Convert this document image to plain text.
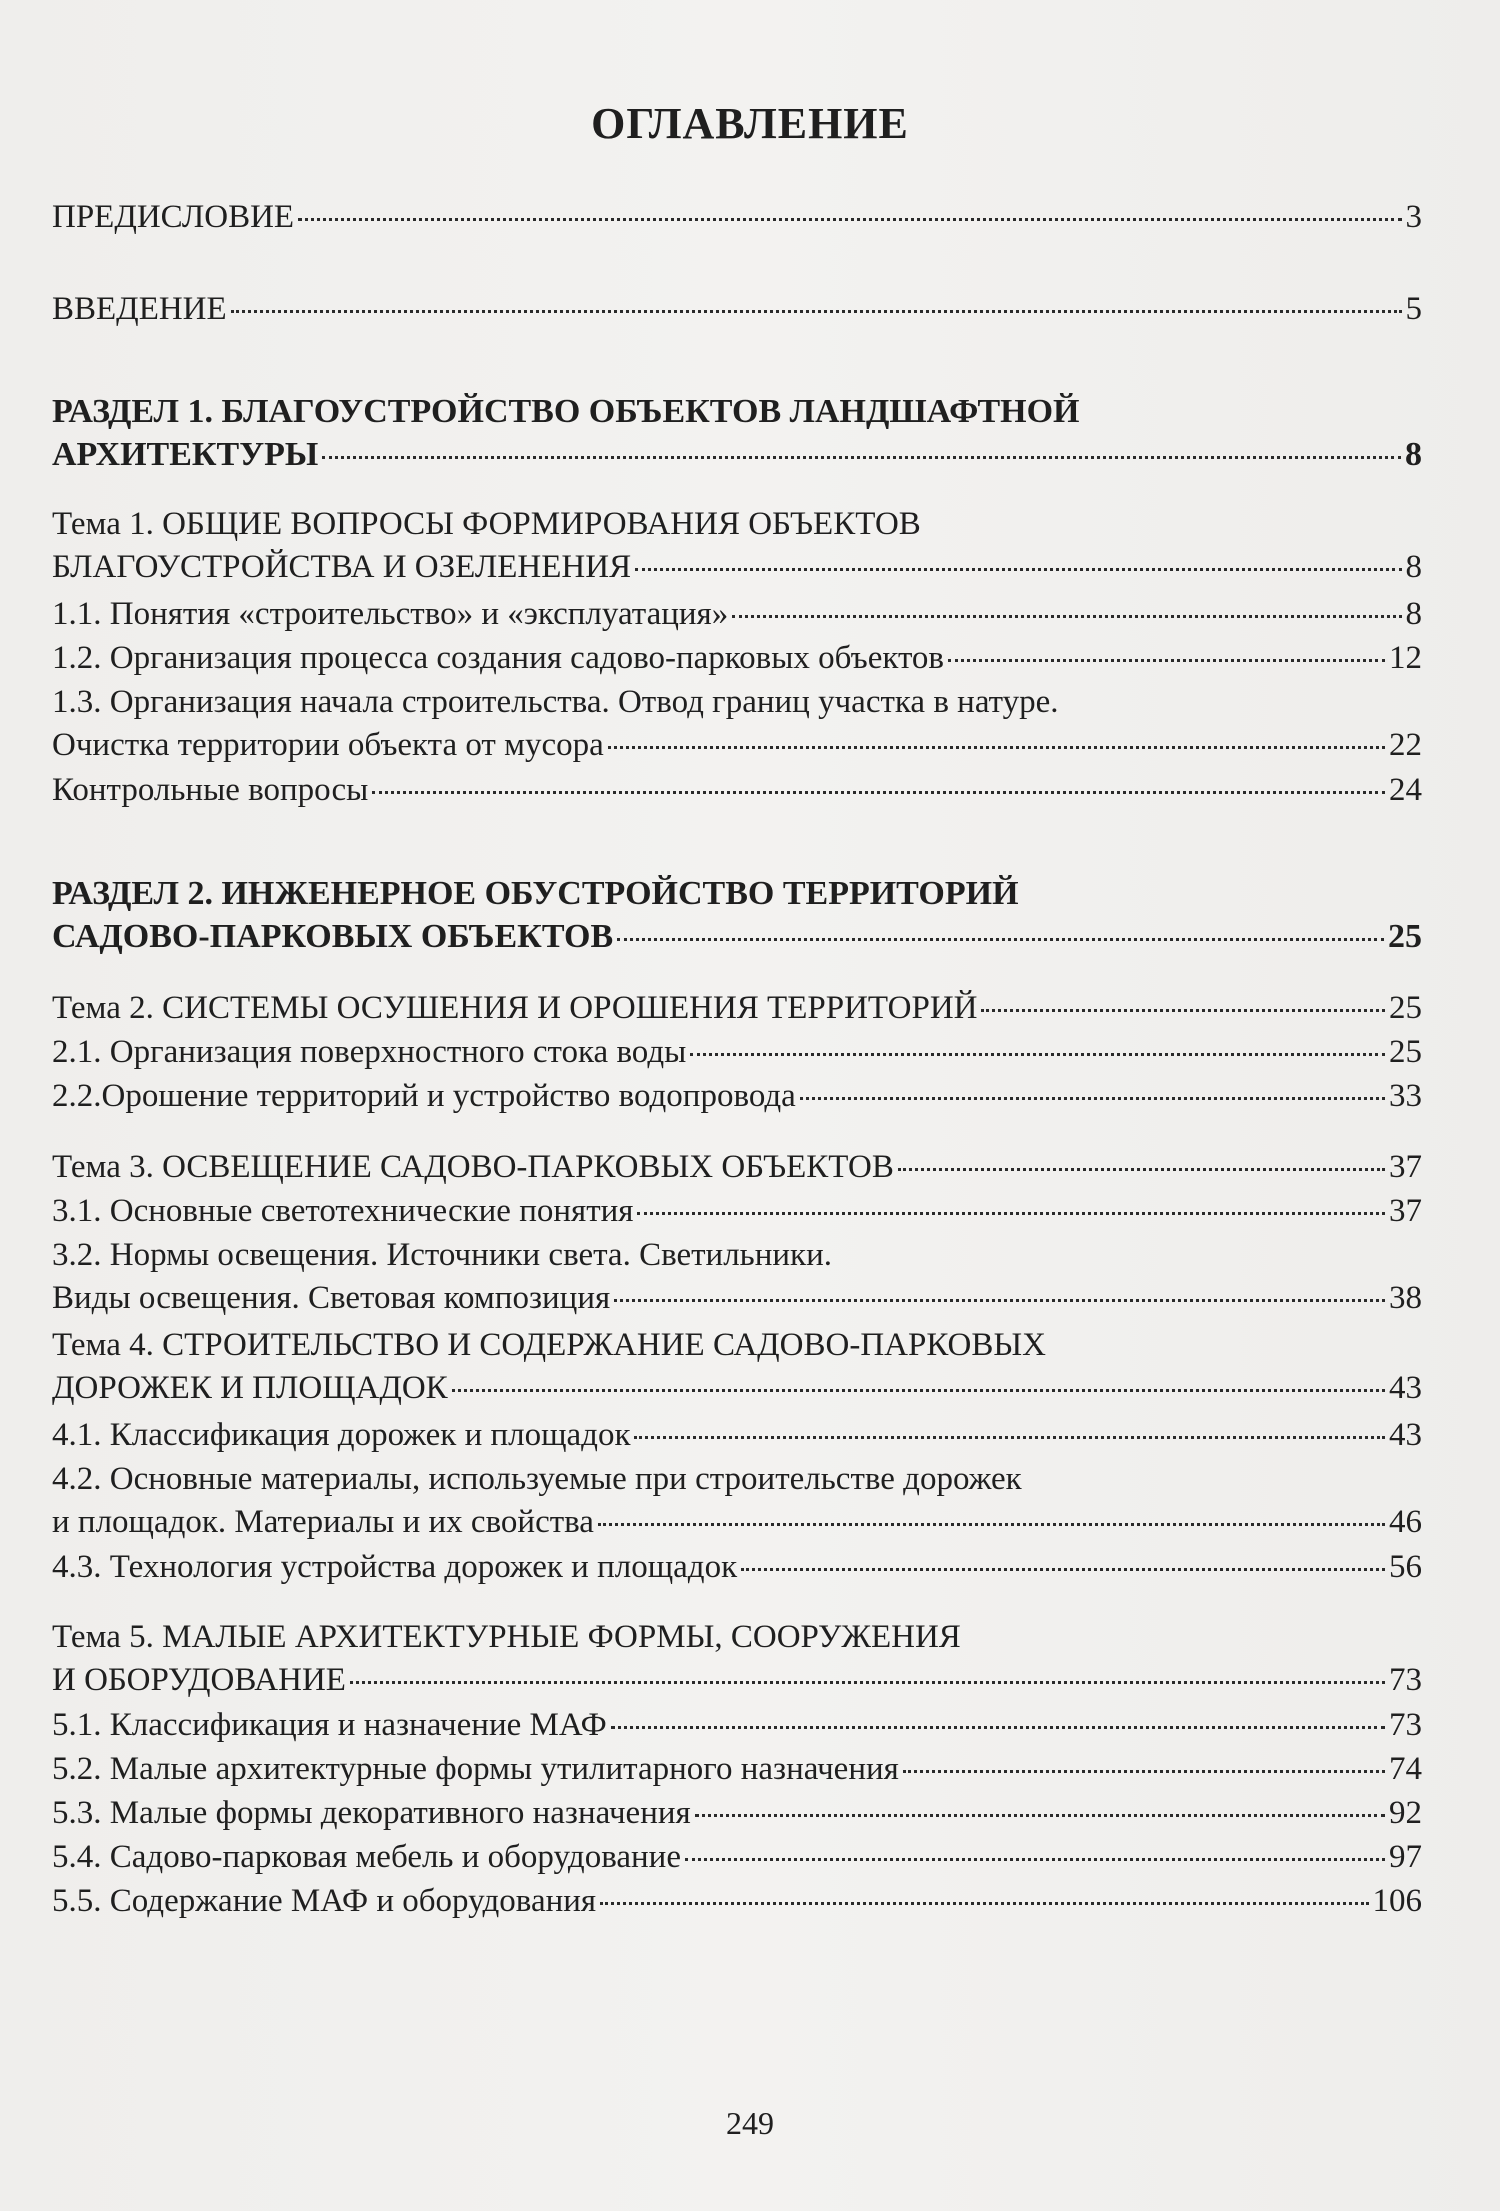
ОГЛАВЛЕНИЕ
ПРЕДИСЛОВИЕ	3
ВВЕДЕНИЕ	5
РАЗДЕЛ 1. БЛАГОУСТРОЙСТВО ОБЪЕКТОВ ЛАНДШАФТНОЙ
АРХИТЕКТУРЫ	8
Тема 1. ОБЩИЕ ВОПРОСЫ ФОРМИРОВАНИЯ ОБЪЕКТОВ
БЛАГОУСТРОЙСТВА И ОЗЕЛЕНЕНИЯ	8
1.1. Понятия «строительство» и «эксплуатация»	8
1.2. Организация процесса создания садово-парковых объектов	12
1.3. Организация начала строительства. Отвод границ участка в натуре.
Очистка территории объекта от мусора	22
Контрольные вопросы	24
РАЗДЕЛ 2. ИНЖЕНЕРНОЕ ОБУСТРОЙСТВО ТЕРРИТОРИЙ
САДОВО-ПАРКОВЫХ ОБЪЕКТОВ	25
Тема 2. СИСТЕМЫ ОСУШЕНИЯ И ОРОШЕНИЯ ТЕРРИТОРИЙ	25
2.1. Организация поверхностного стока воды	25
2.2.Орошение территорий и устройство водопровода	33
Тема 3. ОСВЕЩЕНИЕ САДОВО-ПАРКОВЫХ ОБЪЕКТОВ	37
3.1. Основные светотехнические понятия	37
3.2. Нормы освещения. Источники света. Светильники.
Виды освещения. Световая композиция	38
Тема 4. СТРОИТЕЛЬСТВО И СОДЕРЖАНИЕ САДОВО-ПАРКОВЫХ
ДОРОЖЕК И ПЛОЩАДОК	43
4.1. Классификация дорожек и площадок	43
4.2. Основные материалы, используемые при строительстве дорожек
и площадок. Материалы и их свойства	46
4.3. Технология устройства дорожек и площадок	56
Тема 5. МАЛЫЕ АРХИТЕКТУРНЫЕ ФОРМЫ, СООРУЖЕНИЯ
И ОБОРУДОВАНИЕ	73
5.1. Классификация и назначение МАФ	73
5.2. Малые архитектурные формы утилитарного назначения	74
5.3. Малые формы декоративного назначения	92
5.4. Садово-парковая мебель и оборудование	97
5.5. Содержание МАФ и оборудования	106
249
